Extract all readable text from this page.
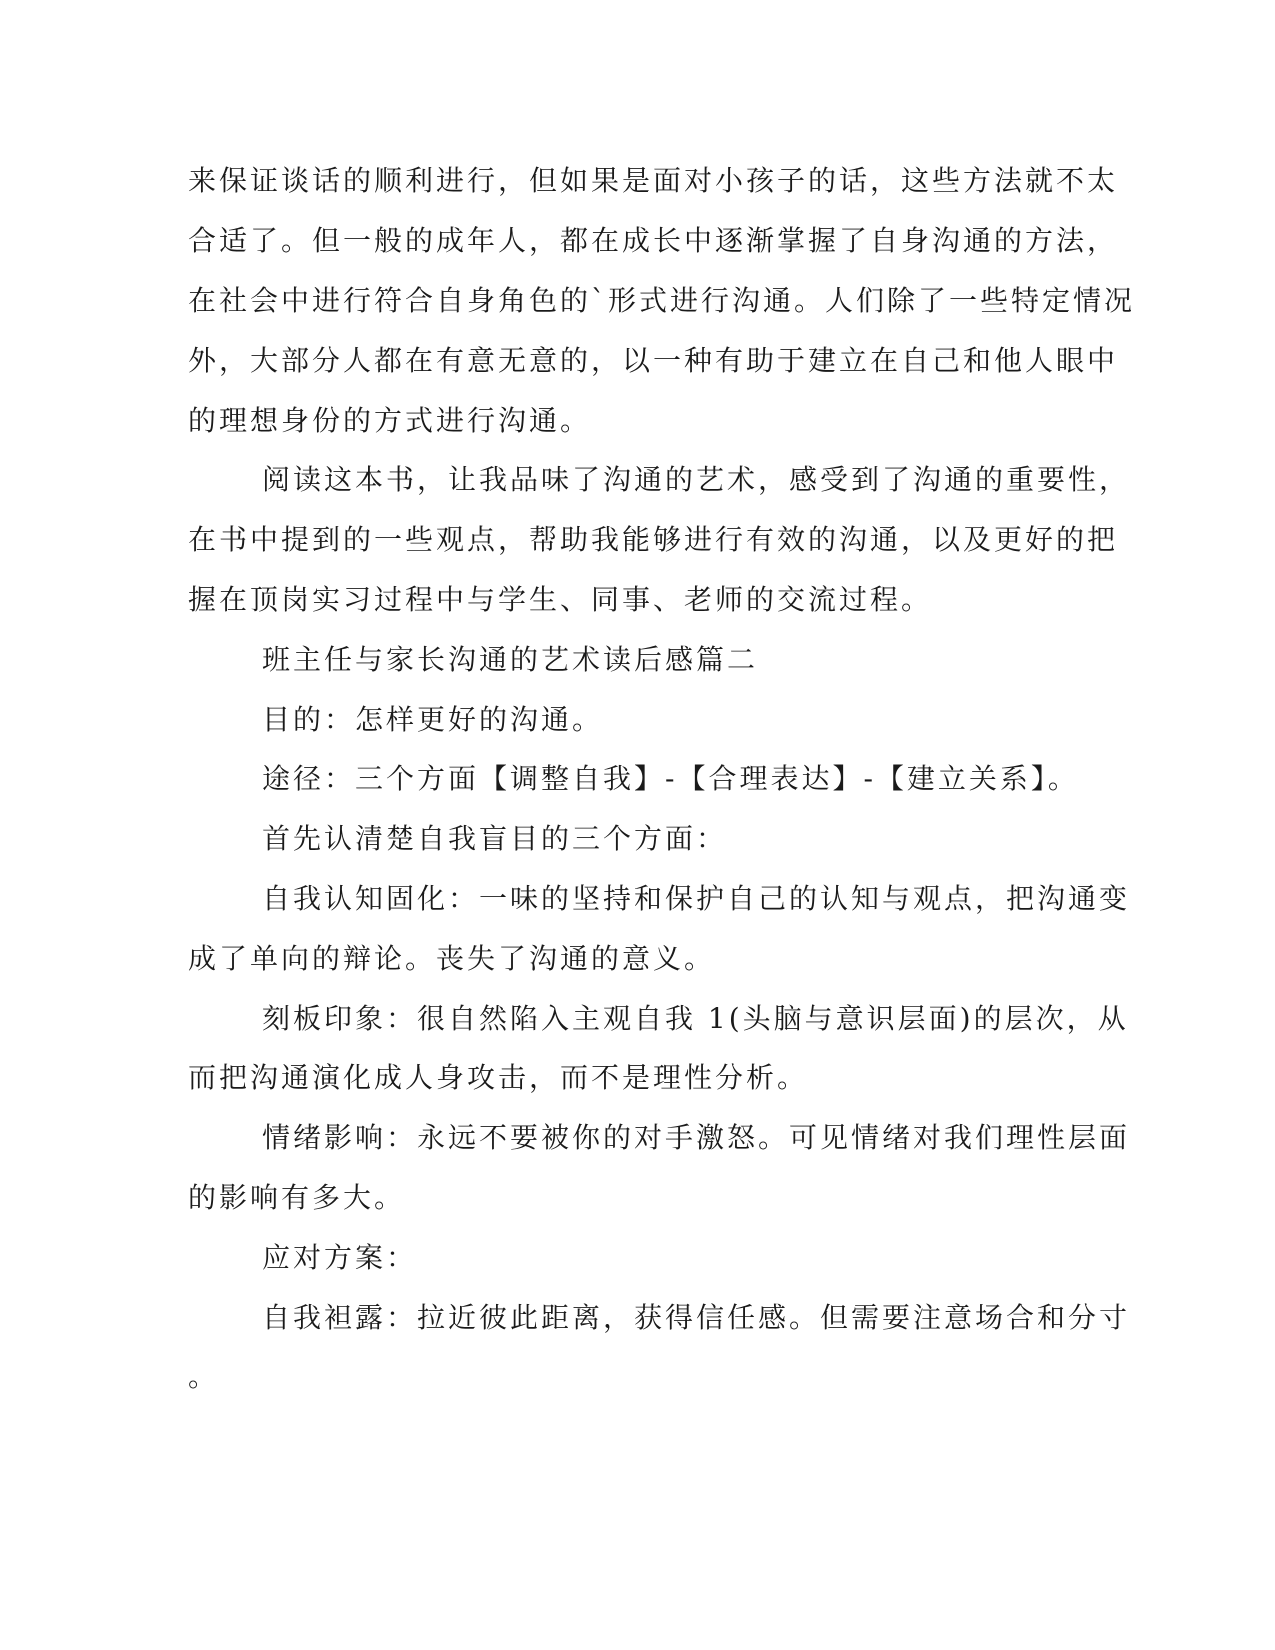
来保证谈话的顺利进行，但如果是面对小孩子的话，这些方法就不太
合适了。但一般的成年人，都在成长中逐渐掌握了自身沟通的方法，
在社会中进行符合自身角色的`形式进行沟通。人们除了一些特定情况
外，大部分人都在有意无意的，以一种有助于建立在自己和他人眼中
的理想身份的方式进行沟通。
阅读这本书，让我品味了沟通的艺术，感受到了沟通的重要性，
在书中提到的一些观点，帮助我能够进行有效的沟通，以及更好的把
握在顶岗实习过程中与学生、同事、老师的交流过程。
班主任与家长沟通的艺术读后感篇二
目的：怎样更好的沟通。
途径：三个方面【调整自我】-【合理表达】-【建立关系】。
首先认清楚自我盲目的三个方面：
自我认知固化：一味的坚持和保护自己的认知与观点，把沟通变
成了单向的辩论。丧失了沟通的意义。
刻板印象：很自然陷入主观自我 1(头脑与意识层面)的层次，从
而把沟通演化成人身攻击，而不是理性分析。
情绪影响：永远不要被你的对手激怒。可见情绪对我们理性层面
的影响有多大。
应对方案：
自我袒露：拉近彼此距离，获得信任感。但需要注意场合和分寸
。
